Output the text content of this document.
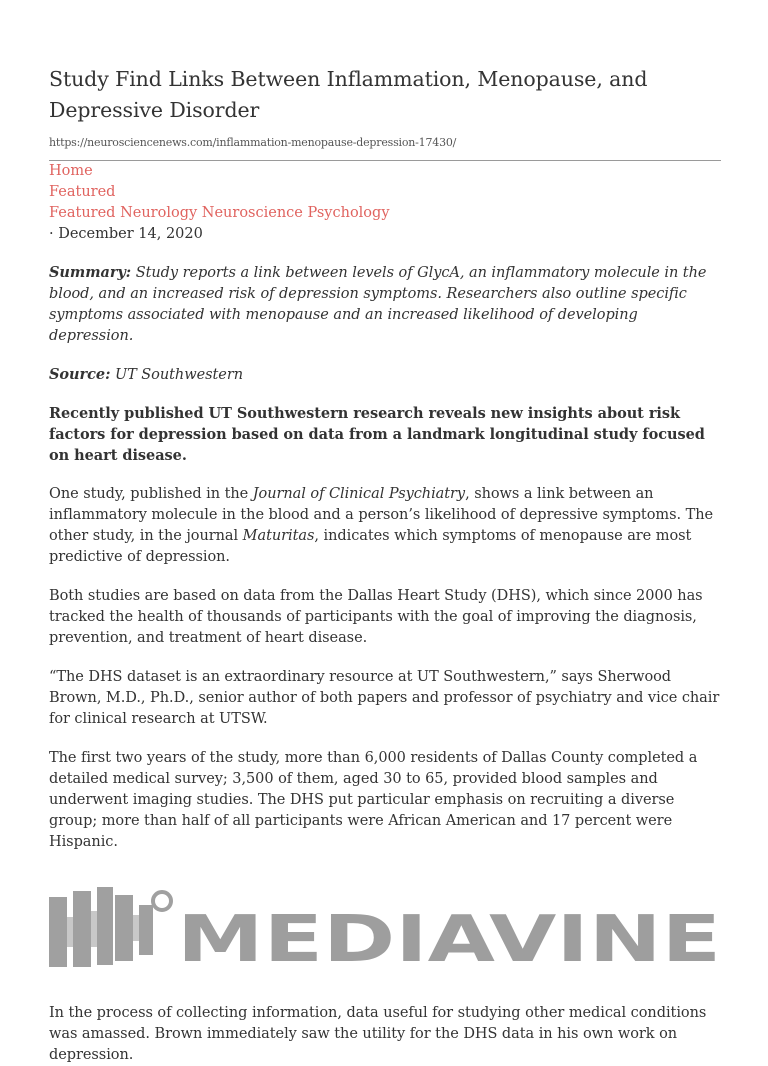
Study Find Links Between Inflammation, Menopause, and Depressive Disorder
https://neurosciencenews.com/inflammation-menopause-depression-17430/
Home
Featured
Featured Neurology Neuroscience Psychology
· December 14, 2020

Summary: Study reports a link between levels of GlycA, an inflammatory molecule in the blood, and an increased risk of depression symptoms. Researchers also outline specific symptoms associated with menopause and an increased likelihood of developing depression.

Source: UT Southwestern

Recently published UT Southwestern research reveals new insights about risk factors for depression based on data from a landmark longitudinal study focused on heart disease.

One study, published in the Journal of Clinical Psychiatry, shows a link between an inflammatory molecule in the blood and a person’s likelihood of depressive symptoms. The other study, in the journal Maturitas, indicates which symptoms of menopause are most predictive of depression.

Both studies are based on data from the Dallas Heart Study (DHS), which since 2000 has tracked the health of thousands of participants with the goal of improving the diagnosis, prevention, and treatment of heart disease.

“The DHS dataset is an extraordinary resource at UT Southwestern,” says Sherwood Brown, M.D., Ph.D., senior author of both papers and professor of psychiatry and vice chair for clinical research at UTSW.

The first two years of the study, more than 6,000 residents of Dallas County completed a detailed medical survey; 3,500 of them, aged 30 to 65, provided blood samples and underwent imaging studies. The DHS put particular emphasis on recruiting a diverse group; more than half of all participants were African American and 17 percent were Hispanic.

MEDIAVINE

In the process of collecting information, data useful for studying other medical conditions was amassed. Brown immediately saw the utility for the DHS data in his own work on depression.
